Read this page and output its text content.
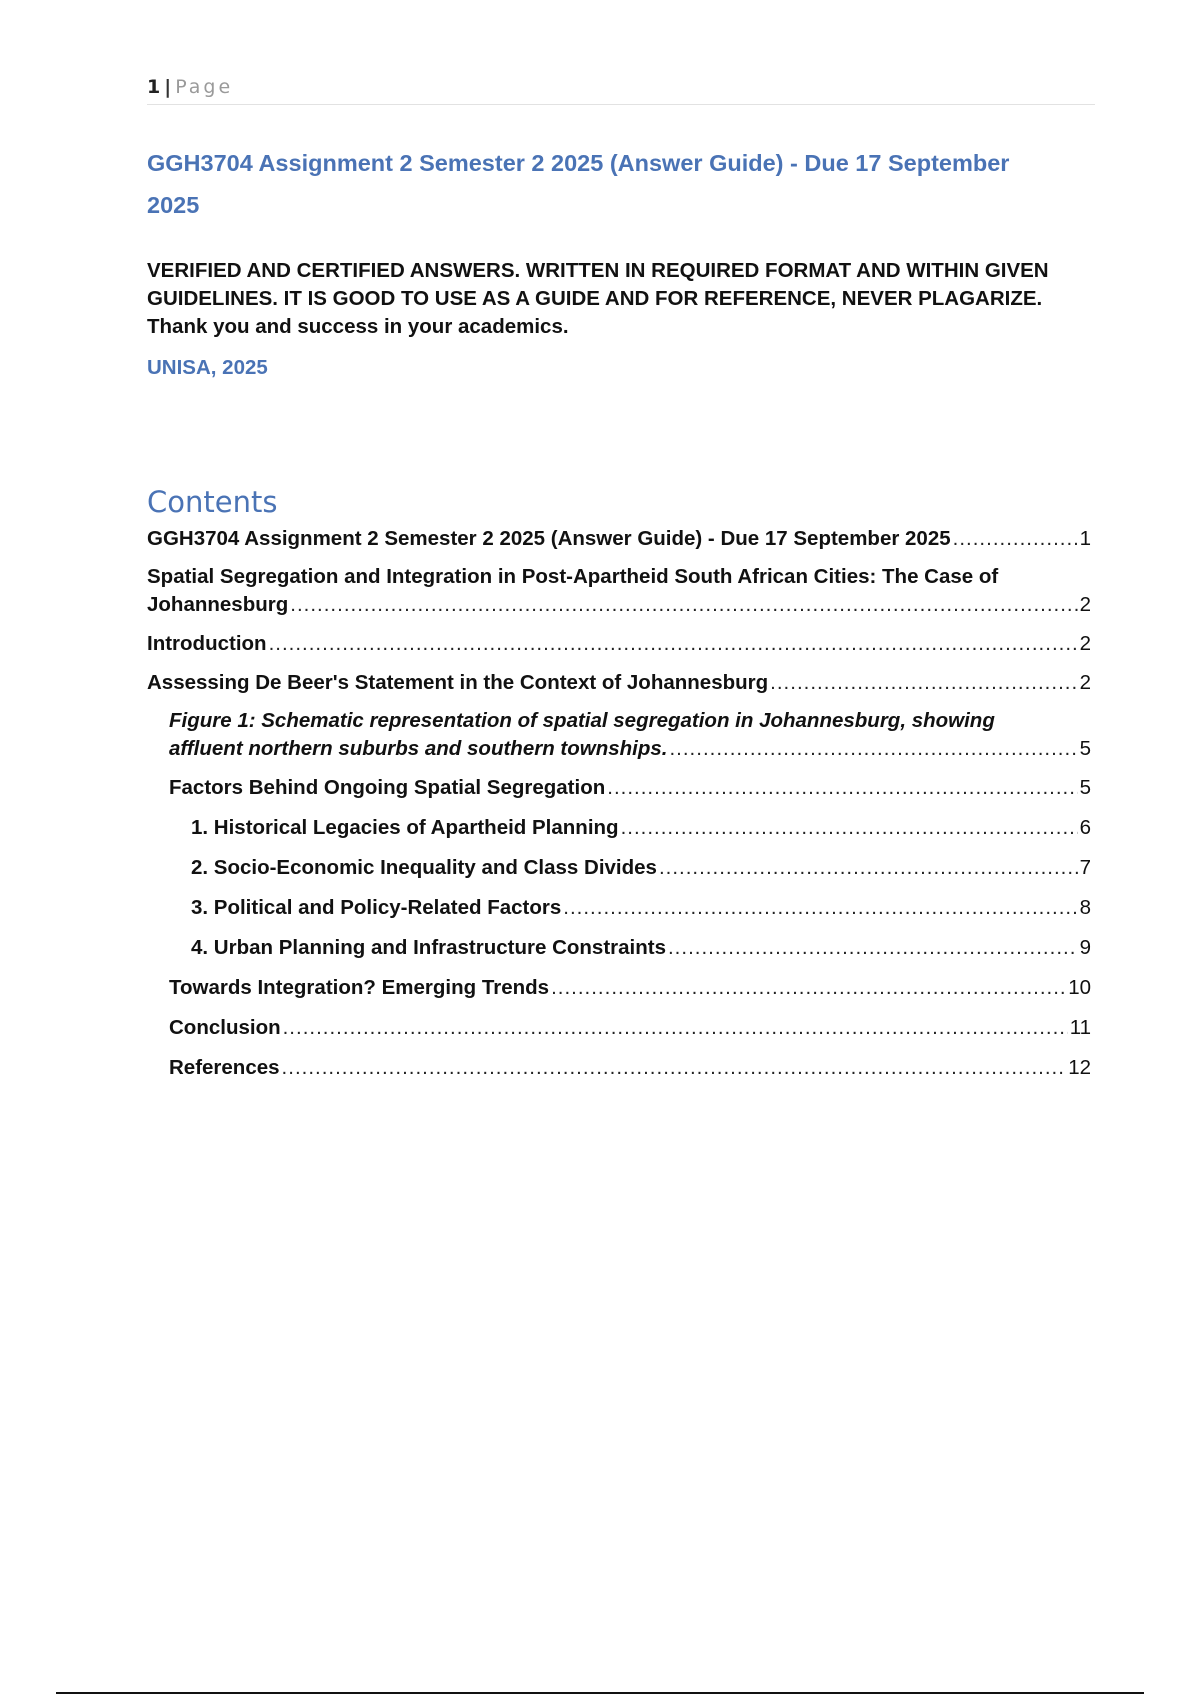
1 | Page
GGH3704 Assignment 2 Semester 2 2025 (Answer Guide) - Due 17 September 2025
VERIFIED AND CERTIFIED ANSWERS. WRITTEN IN REQUIRED FORMAT AND WITHIN GIVEN GUIDELINES. IT IS GOOD TO USE AS A GUIDE AND FOR REFERENCE, NEVER PLAGARIZE. Thank you and success in your academics.
UNISA, 2025
Contents
GGH3704 Assignment 2 Semester 2 2025 (Answer Guide) - Due 17 September 2025 .....	1
Spatial Segregation and Integration in Post-Apartheid South African Cities: The Case of
Johannesburg .....	2
Introduction .....	2
Assessing De Beer's Statement in the Context of Johannesburg .....	2
Figure 1: Schematic representation of spatial segregation in Johannesburg, showing
affluent northern suburbs and southern townships. .....	5
Factors Behind Ongoing Spatial Segregation .....	5
1. Historical Legacies of Apartheid Planning .....	6
2. Socio-Economic Inequality and Class Divides .....	7
3. Political and Policy-Related Factors .....	8
4. Urban Planning and Infrastructure Constraints .....	9
Towards Integration? Emerging Trends .....	10
Conclusion .....	11
References .....	12
